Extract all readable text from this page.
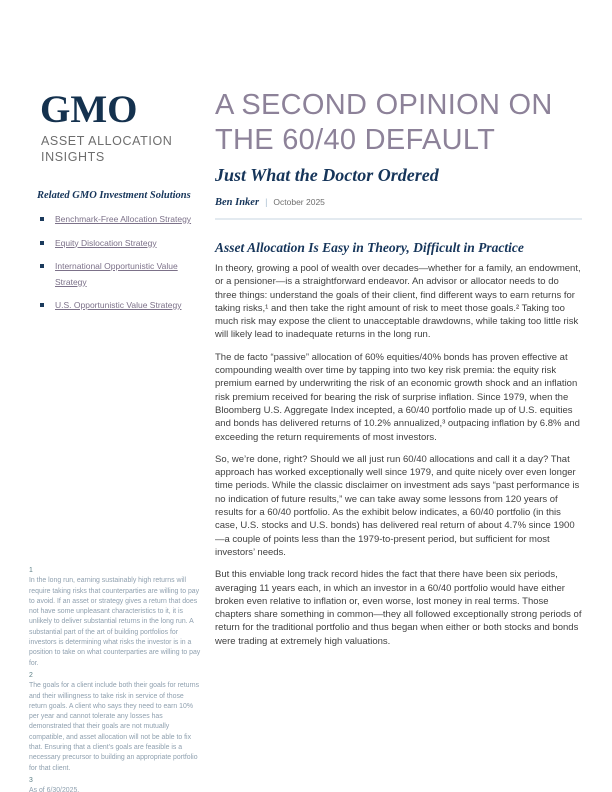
GMO
ASSET ALLOCATION
INSIGHTS
Related GMO Investment Solutions
Benchmark-Free Allocation Strategy
Equity Dislocation Strategy
International Opportunistic Value Strategy
U.S. Opportunistic Value Strategy
1
In the long run, earning sustainably high returns will require taking risks that counterparties are willing to pay to avoid. If an asset or strategy gives a return that does not have some unpleasant characteristics to it, it is unlikely to deliver substantial returns in the long run. A substantial part of the art of building portfolios for investors is determining what risks the investor is in a position to take on what counterparties are willing to pay for.
2
The goals for a client include both their goals for returns and their willingness to take risk in service of those return goals. A client who says they need to earn 10% per year and cannot tolerate any losses has demonstrated that their goals are not mutually compatible, and asset allocation will not be able to fix that. Ensuring that a client’s goals are feasible is a necessary precursor to building an appropriate portfolio for that client.
3
As of 6/30/2025.
A SECOND OPINION ON
THE 60/40 DEFAULT
Just What the Doctor Ordered
Ben Inker | October 2025
Asset Allocation Is Easy in Theory, Difficult in Practice

In theory, growing a pool of wealth over decades—whether for a family, an endowment, or a pensioner—is a straightforward endeavor. An advisor or allocator needs to do three things: understand the goals of their client, find different ways to earn returns for taking risks,¹ and then take the right amount of risk to meet those goals.² Taking too much risk may expose the client to unacceptable drawdowns, while taking too little risk will likely lead to inadequate returns in the long run.

The de facto “passive” allocation of 60% equities/40% bonds has proven effective at compounding wealth over time by tapping into two key risk premia: the equity risk premium earned by underwriting the risk of an economic growth shock and an inflation risk premium received for bearing the risk of surprise inflation. Since 1979, when the Bloomberg U.S. Aggregate Index incepted, a 60/40 portfolio made up of U.S. equities and bonds has delivered returns of 10.2% annualized,³ outpacing inflation by 6.8% and exceeding the return requirements of most investors.

So, we’re done, right? Should we all just run 60/40 allocations and call it a day? That approach has worked exceptionally well since 1979, and quite nicely over even longer time periods. While the classic disclaimer on investment ads says “past performance is no indication of future results,” we can take away some lessons from 120 years of results for a 60/40 portfolio. As the exhibit below indicates, a 60/40 portfolio (in this case, U.S. stocks and U.S. bonds) has delivered real return of about 4.7% since 1900—a couple of points less than the 1979-to-present period, but sufficient for most investors’ needs.

But this enviable long track record hides the fact that there have been six periods, averaging 11 years each, in which an investor in a 60/40 portfolio would have either broken even relative to inflation or, even worse, lost money in real terms. Those chapters share something in common—they all followed exceptionally strong periods of return for the traditional portfolio and thus began when either or both stocks and bonds were trading at extremely high valuations.
